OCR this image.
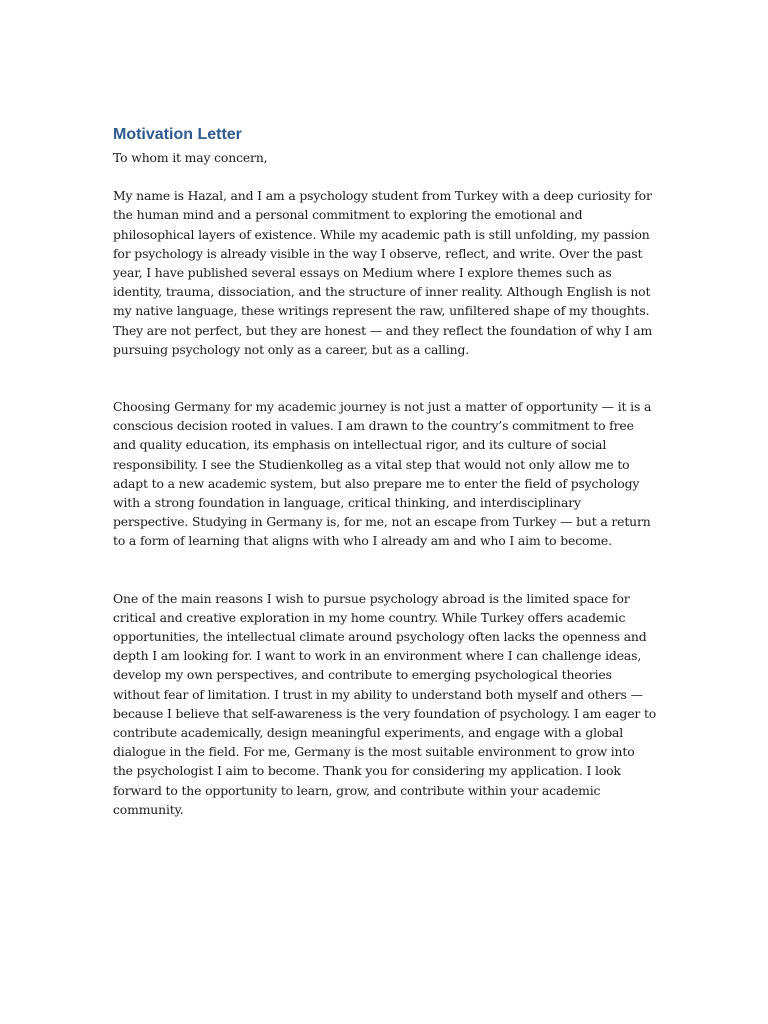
Motivation Letter

To whom it may concern,

My name is Hazal, and I am a psychology student from Turkey with a deep curiosity for the human mind and a personal commitment to exploring the emotional and philosophical layers of existence. While my academic path is still unfolding, my passion for psychology is already visible in the way I observe, reflect, and write. Over the past year, I have published several essays on Medium where I explore themes such as identity, trauma, dissociation, and the structure of inner reality. Although English is not my native language, these writings represent the raw, unfiltered shape of my thoughts. They are not perfect, but they are honest — and they reflect the foundation of why I am pursuing psychology not only as a career, but as a calling.

Choosing Germany for my academic journey is not just a matter of opportunity — it is a conscious decision rooted in values. I am drawn to the country’s commitment to free and quality education, its emphasis on intellectual rigor, and its culture of social responsibility. I see the Studienkolleg as a vital step that would not only allow me to adapt to a new academic system, but also prepare me to enter the field of psychology with a strong foundation in language, critical thinking, and interdisciplinary perspective. Studying in Germany is, for me, not an escape from Turkey — but a return to a form of learning that aligns with who I already am and who I aim to become.

One of the main reasons I wish to pursue psychology abroad is the limited space for critical and creative exploration in my home country. While Turkey offers academic opportunities, the intellectual climate around psychology often lacks the openness and depth I am looking for. I want to work in an environment where I can challenge ideas, develop my own perspectives, and contribute to emerging psychological theories without fear of limitation. I trust in my ability to understand both myself and others — because I believe that self-awareness is the very foundation of psychology. I am eager to contribute academically, design meaningful experiments, and engage with a global dialogue in the field. For me, Germany is the most suitable environment to grow into the psychologist I aim to become. Thank you for considering my application. I look forward to the opportunity to learn, grow, and contribute within your academic community.
